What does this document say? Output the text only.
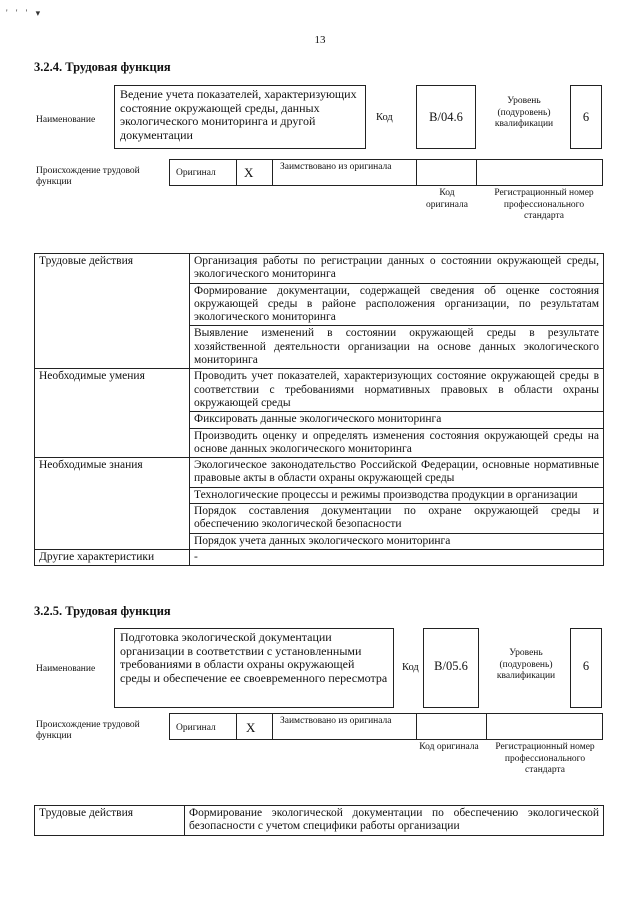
' ' ' ▾
13
3.2.4. Трудовая функция
Наименование
Ведение учета показателей, характеризующих состояние окружающей среды, данных экологического мониторинга и другой документации
Код	B/04.6
Уровень (подуровень) квалификации	6
Происхождение трудовой функции
Оригинал X	Заимствовано из оригинала
Код оригинала
Регистрационный номер профессионального стандарта
Трудовые действия	Организация работы по регистрации данных о состоянии окружающей среды, экологического мониторинга
	Формирование документации, содержащей сведения об оценке состояния окружающей среды в районе расположения организации, по результатам экологического мониторинга
	Выявление изменений в состоянии окружающей среды в результате хозяйственной деятельности организации на основе данных экологического мониторинга
Необходимые умения	Проводить учет показателей, характеризующих состояние окружающей среды в соответствии с требованиями нормативных правовых в области охраны окружающей среды
	Фиксировать данные экологического мониторинга
	Производить оценку и определять изменения состояния окружающей среды на основе данных экологического мониторинга
Необходимые знания	Экологическое законодательство Российской Федерации, основные нормативные правовые акты в области охраны окружающей среды
	Технологические процессы и режимы производства продукции в организации
	Порядок составления документации по охране окружающей среды и обеспечению экологической безопасности
	Порядок учета данных экологического мониторинга
Другие характеристики	-
3.2.5. Трудовая функция
Наименование
Подготовка экологической документации организации в соответствии с установленными требованиями в области охраны окружающей среды и обеспечение ее своевременного пересмотра
Код	B/05.6
Уровень (подуровень) квалификации
6
Происхождение трудовой функции
Оригинал X	Заимствовано из оригинала
Код оригинала	Регистрационный номер профессионального стандарта
Трудовые действия	Формирование экологической документации по обеспечению экологической безопасности с учетом специфики работы организации
